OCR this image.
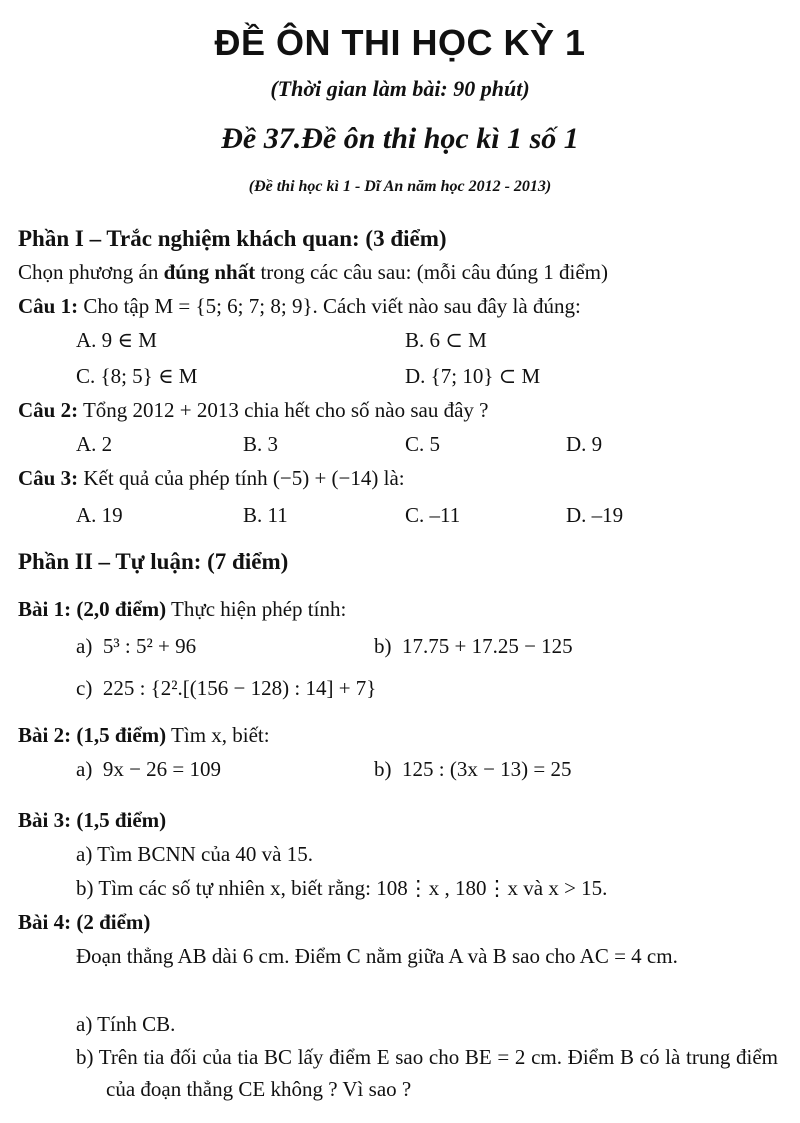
ĐỀ ÔN THI HỌC KỲ 1
(Thời gian làm bài: 90 phút)
Đề 37.Đề ôn thi học kì 1 số 1
(Đề thi học kì 1 - Dĩ An năm học 2012 - 2013)
Phần I – Trắc nghiệm khách quan: (3 điểm)
Chọn phương án đúng nhất trong các câu sau: (mỗi câu đúng 1 điểm)
Câu 1: Cho tập M = {5; 6; 7; 8; 9}. Cách viết nào sau đây là đúng:
A. 9 ∈ M	B. 6 ⊂ M
C. {8; 5} ∈ M	D. {7; 10} ⊂ M
Câu 2: Tổng 2012 + 2013 chia hết cho số nào sau đây ?
A. 2	B. 3	C. 5	D. 9
Câu 3: Kết quả của phép tính (−5) + (−14) là:
A. 19	B. 11	C. –11	D. –19
Phần II – Tự luận: (7 điểm)
Bài 1: (2,0 điểm) Thực hiện phép tính:
a) 5³ : 5² + 96	b) 17.75 + 17.25 − 125
c) 225 : {2².[(156 − 128) : 14] + 7}
Bài 2: (1,5 điểm) Tìm x, biết:
a) 9x − 26 = 109	b) 125 : (3x − 13) = 25
Bài 3: (1,5 điểm)
a) Tìm BCNN của 40 và 15.
b) Tìm các số tự nhiên x, biết rằng: 108⋮x , 180⋮x và x > 15.
Bài 4: (2 điểm)
Đoạn thẳng AB dài 6 cm. Điểm C nằm giữa A và B sao cho AC = 4 cm.
a) Tính CB.
b) Trên tia đối của tia BC lấy điểm E sao cho BE = 2 cm. Điểm B có là trung điểm của đoạn thẳng CE không ? Vì sao ?
